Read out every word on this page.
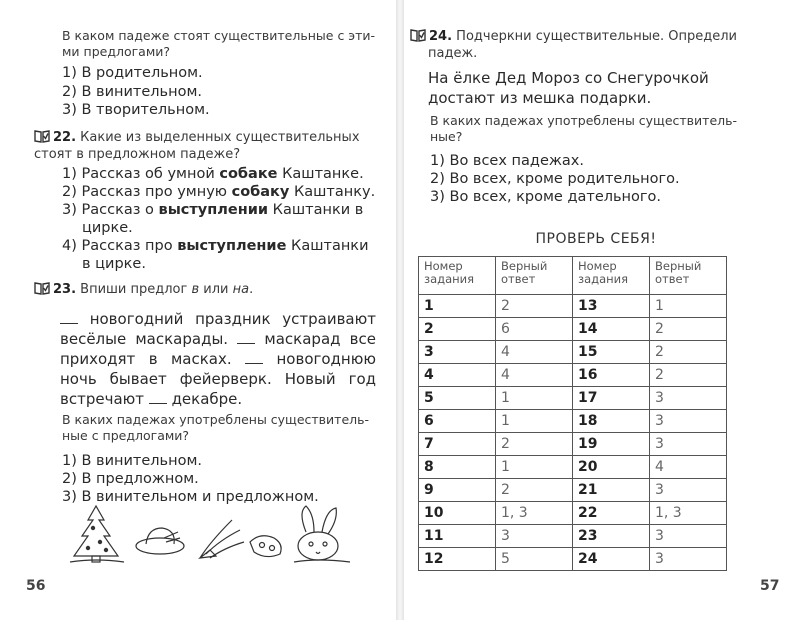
В каком падеже стоят существительные с эти-
ми предлогами?
1) В родительном.
2) В винительном.
3) В творительном.
22. Какие из выделенных существительных
стоят в предложном падеже?
1) Рассказ об умной собаке Каштанке.
2) Рассказ про умную собаку Каштанку.
3) Рассказ о выступлении Каштанки в
цирке.
4) Рассказ про выступление Каштанки
в цирке.
23. Впиши предлог в или на.
новогодний праздник устраивают весёлые маскарады. маскарад все приходят в масках.	новогоднюю ночь бывает фейерверк. Новый год встречают декабре.
В каких падежах употреблены существитель-
ные с предлогами?
1) В винительном.
2) В предложном.
3) В винительном и предложном.
56
24. Подчеркни существительные. Определи
падеж.
На ёлке Дед Мороз со Снегурочкой
достают из мешка подарки.
В каких падежах употреблены существитель-
ные?
1) Во всех падежах.
2) Во всех, кроме родительного.
3) Во всех, кроме дательного.
ПРОВЕРЬ СЕБЯ!
Номер
задания	Верный
ответ	Номер
задания	Верный
ответ
1	2	13	1
2	6	14	2
3	4	15	2
4	4	16	2
5	1	17	3
6	1	18	3
7	2	19	3
8	1	20	4
9	2	21	3
10	1, 3	22	1, 3
11	3	23	3
12	5	24	3
57
